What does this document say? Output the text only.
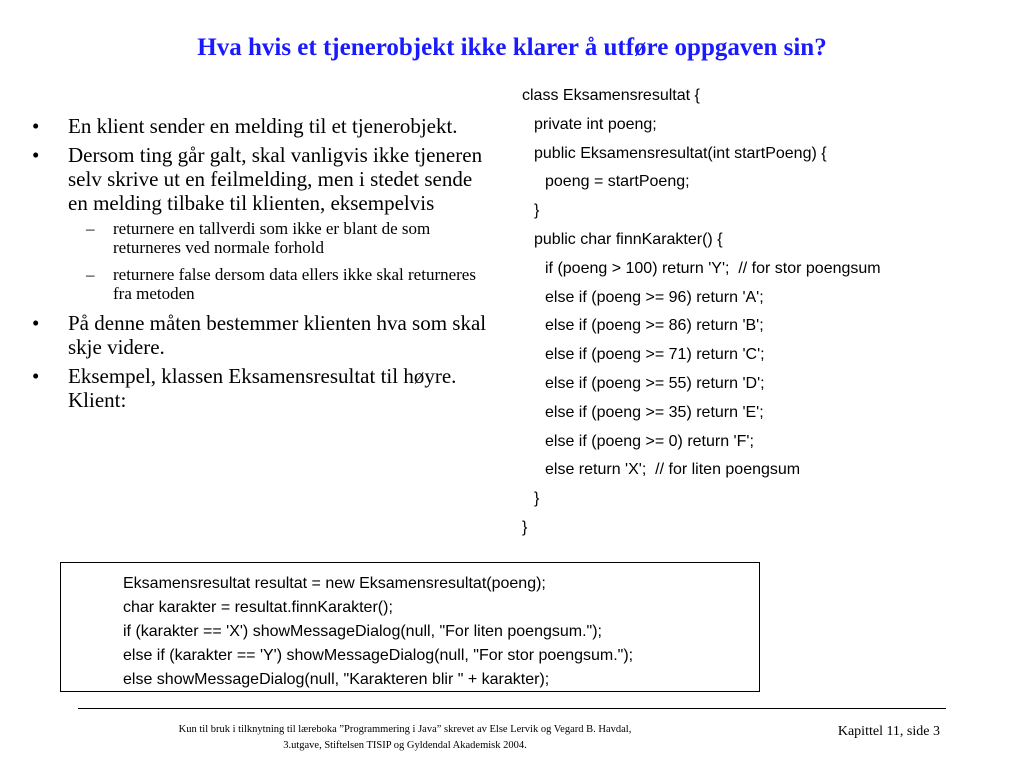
Hva hvis et tjenerobjekt ikke klarer å utføre oppgaven sin?
• En klient sender en melding til et tjenerobjekt.
• Dersom ting går galt, skal vanligvis ikke tjeneren selv skrive ut en feilmelding, men i stedet sende en melding tilbake til klienten, eksempelvis
– returnere en tallverdi som ikke er blant de som returneres ved normale forhold
– returnere false dersom data ellers ikke skal returneres fra metoden
• På denne måten bestemmer klienten hva som skal skje videre.
• Eksempel, klassen Eksamensresultat til høyre. Klient:
class Eksamensresultat {
private int poeng;
public Eksamensresultat(int startPoeng) {
poeng = startPoeng;
}
public char finnKarakter() {
if (poeng > 100) return 'Y';  // for stor poengsum
else if (poeng >= 96) return 'A';
else if (poeng >= 86) return 'B';
else if (poeng >= 71) return 'C';
else if (poeng >= 55) return 'D';
else if (poeng >= 35) return 'E';
else if (poeng >= 0) return 'F';
else return 'X';  // for liten poengsum
}
}
Eksamensresultat resultat = new Eksamensresultat(poeng);
char karakter = resultat.finnKarakter();
if (karakter == 'X') showMessageDialog(null, "For liten poengsum.");
else if (karakter == 'Y') showMessageDialog(null, "For stor poengsum.");
else showMessageDialog(null, "Karakteren blir " + karakter);
Kun til bruk i tilknytning til læreboka ”Programmering i Java” skrevet av Else Lervik og Vegard B. Havdal,
3.utgave, Stiftelsen TISIP og Gyldendal Akademisk 2004.
Kapittel 11, side 3
